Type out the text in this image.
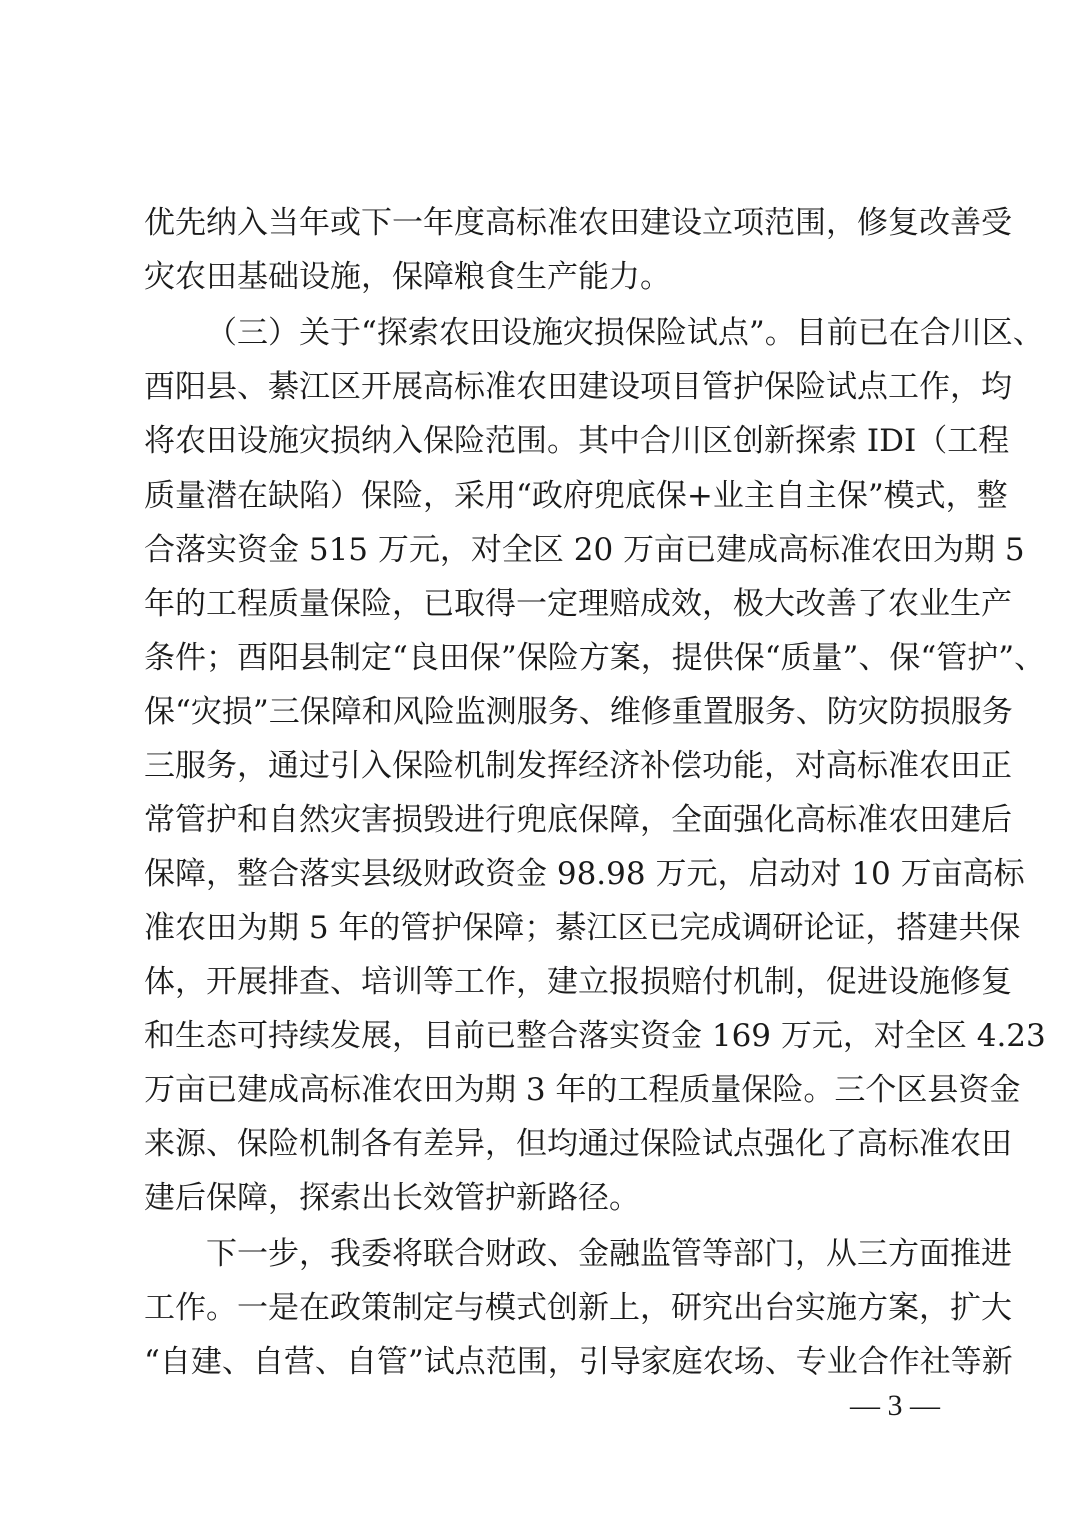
优先纳入当年或下一年度高标准农田建设立项范围，修复改善受
灾农田基础设施，保障粮食生产能力。
（三）关于“探索农田设施灾损保险试点”。目前已在合川区、
酉阳县、綦江区开展高标准农田建设项目管护保险试点工作，均
将农田设施灾损纳入保险范围。其中合川区创新探索 IDI（工程
质量潜在缺陷）保险，采用“政府兜底保+业主自主保”模式，整
合落实资金 515 万元，对全区 20 万亩已建成高标准农田为期 5
年的工程质量保险，已取得一定理赔成效，极大改善了农业生产
条件；酉阳县制定“良田保”保险方案，提供保“质量”、保“管护”、
保“灾损”三保障和风险监测服务、维修重置服务、防灾防损服务
三服务，通过引入保险机制发挥经济补偿功能，对高标准农田正
常管护和自然灾害损毁进行兜底保障，全面强化高标准农田建后
保障，整合落实县级财政资金 98.98 万元，启动对 10 万亩高标
准农田为期 5 年的管护保障；綦江区已完成调研论证，搭建共保
体，开展排查、培训等工作，建立报损赔付机制，促进设施修复
和生态可持续发展，目前已整合落实资金 169 万元，对全区 4.23
万亩已建成高标准农田为期 3 年的工程质量保险。三个区县资金
来源、保险机制各有差异，但均通过保险试点强化了高标准农田
建后保障，探索出长效管护新路径。
下一步，我委将联合财政、金融监管等部门，从三方面推进
工作。一是在政策制定与模式创新上，研究出台实施方案，扩大
“自建、自营、自管”试点范围，引导家庭农场、专业合作社等新
— 3 —
